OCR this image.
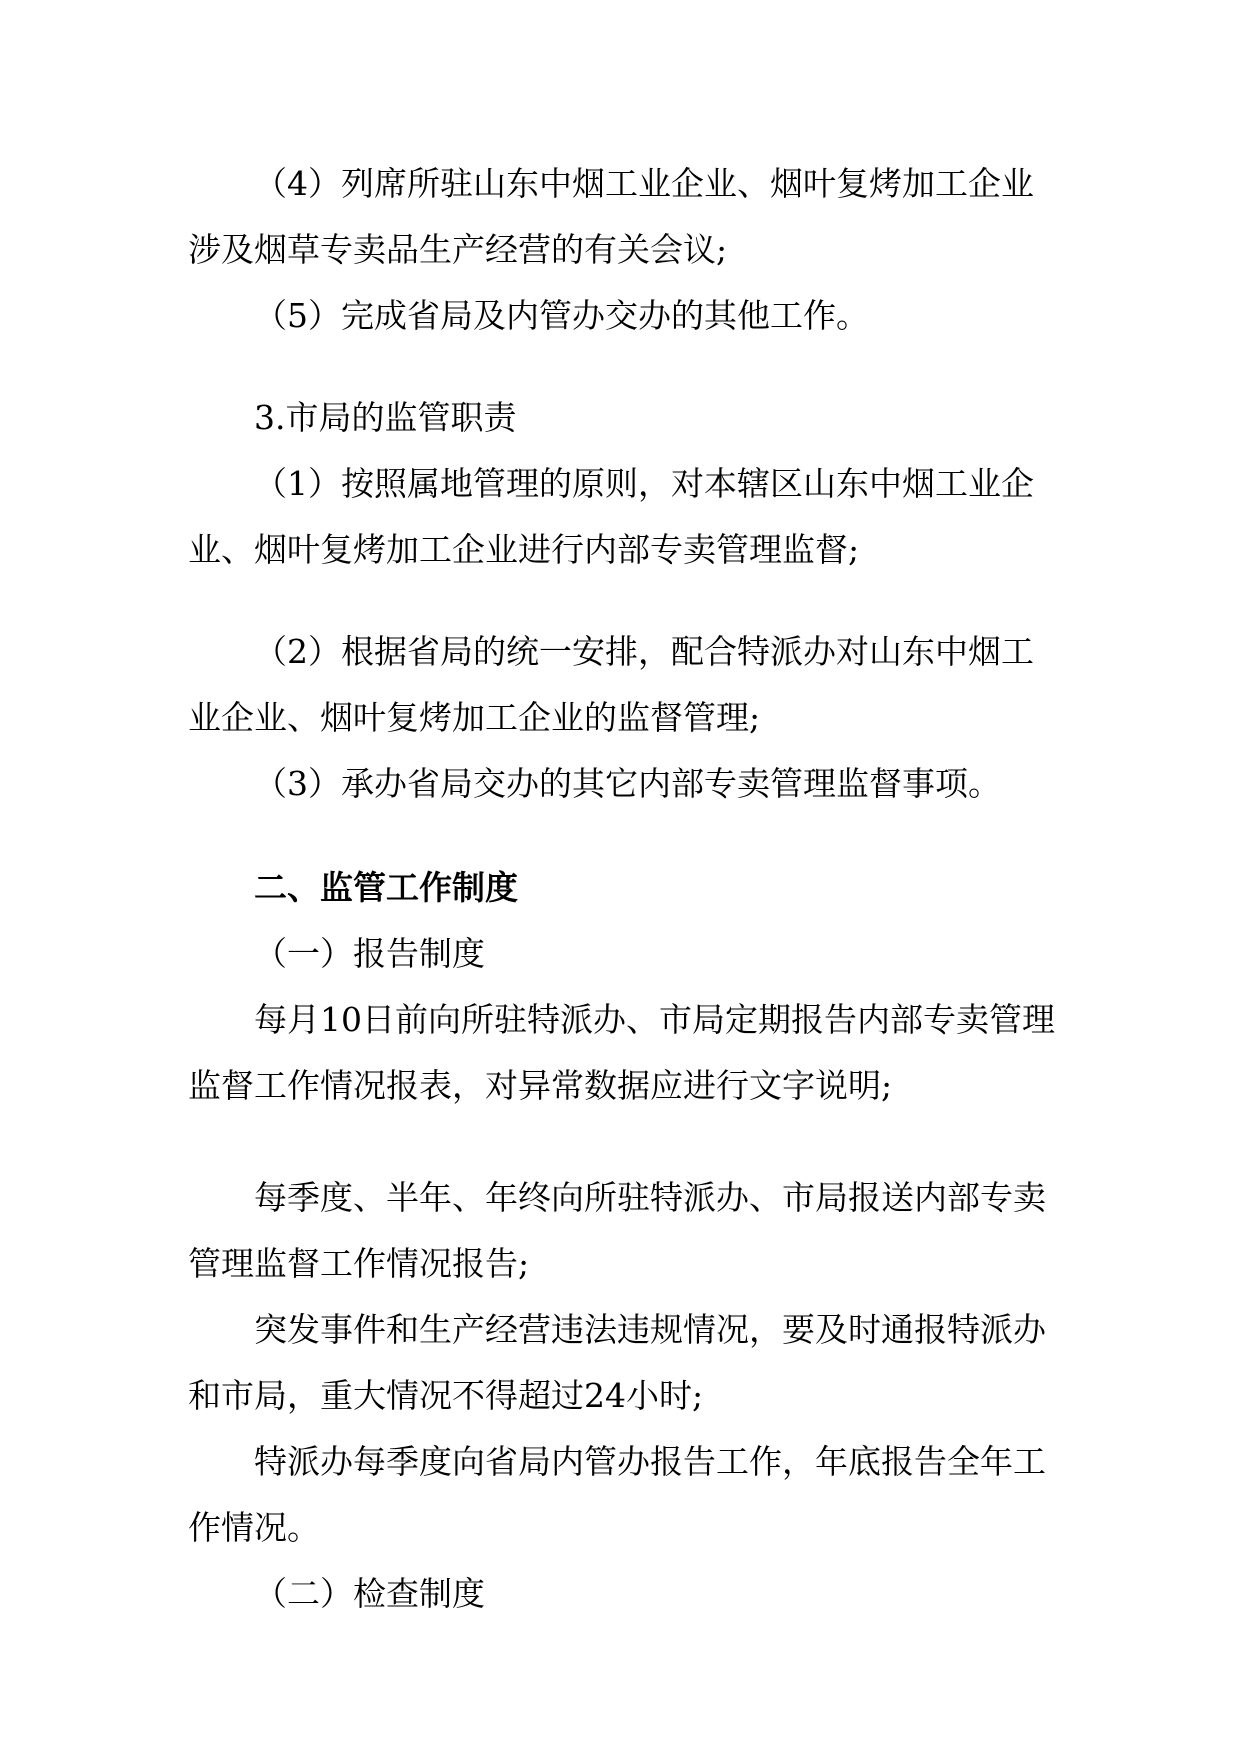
（4）列席所驻山东中烟工业企业、烟叶复烤加工企业
涉及烟草专卖品生产经营的有关会议;
（5）完成省局及内管办交办的其他工作。
3.市局的监管职责
（1）按照属地管理的原则，对本辖区山东中烟工业企
业、烟叶复烤加工企业进行内部专卖管理监督;
（2）根据省局的统一安排，配合特派办对山东中烟工
业企业、烟叶复烤加工企业的监督管理;
（3）承办省局交办的其它内部专卖管理监督事项。
二、监管工作制度
（一）报告制度
每月10日前向所驻特派办、市局定期报告内部专卖管理
监督工作情况报表，对异常数据应进行文字说明;
每季度、半年、年终向所驻特派办、市局报送内部专卖
管理监督工作情况报告;
突发事件和生产经营违法违规情况，要及时通报特派办
和市局，重大情况不得超过24小时;
特派办每季度向省局内管办报告工作，年底报告全年工
作情况。
（二）检查制度
